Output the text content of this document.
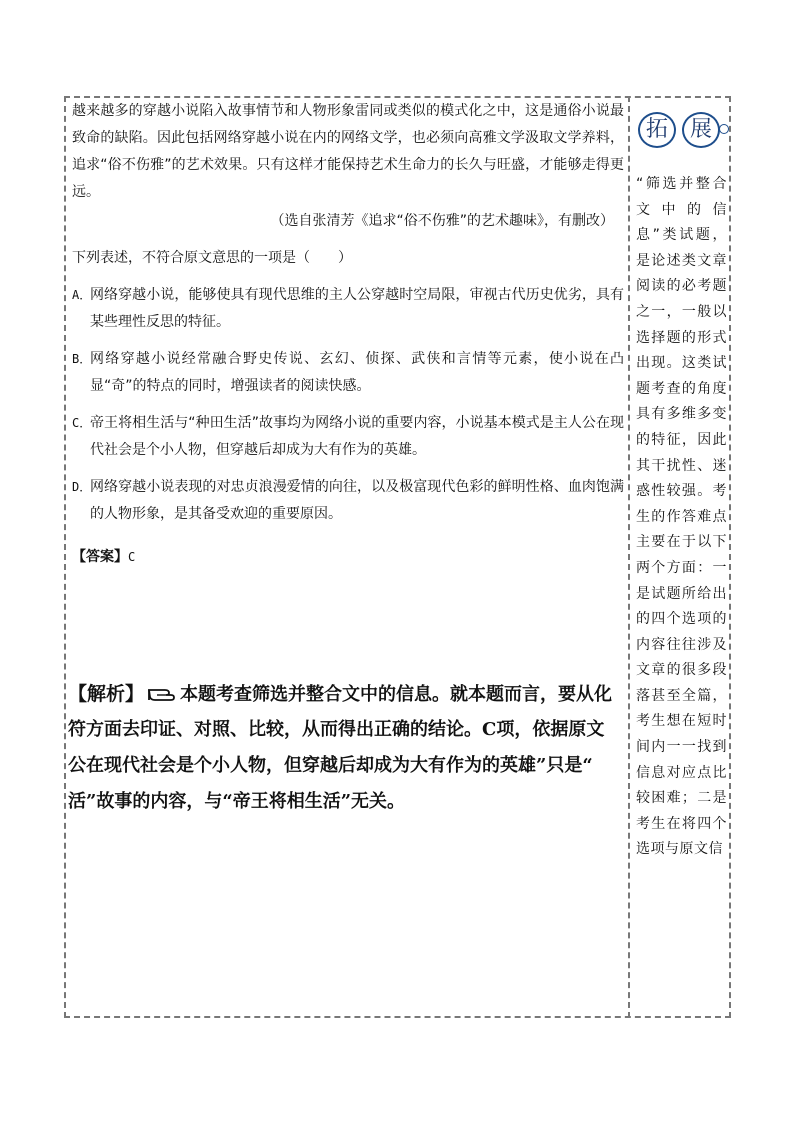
越来越多的穿越小说陷入故事情节和人物形象雷同或类似的模式化之中，这是通俗小说最致命的缺陷。因此包括网络穿越小说在内的网络文学，也必须向高雅文学汲取文学养料，追求“俗不伤雅”的艺术效果。只有这样才能保持艺术生命力的长久与旺盛，才能够走得更远。

（选自张清芳《追求“俗不伤雅”的艺术趣味》，有删改）

下列表述，不符合原文意思的一项是（　　）

A．
网络穿越小说，能够使具有现代思维的主人公穿越时空局限，审视古代历史优劣，具有某些理性反思的特征。

B．
网络穿越小说经常融合野史传说、玄幻、侦探、武侠和言情等元素，使小说在凸显“奇”的特点的同时，增强读者的阅读快感。

C．
帝王将相生活与“种田生活”故事均为网络小说的重要内容，小说基本模式是主人公在现代社会是个小人物，但穿越后却成为大有作为的英雄。

D．
网络穿越小说表现的对忠贞浪漫爱情的向往，以及极富现代色彩的鲜明性格、血肉饱满的人物形象，是其备受欢迎的重要原因。

【答案】C

【解析】 本题考查筛选并整合文中的信息。就本题而言，要从化
符方面去印证、对照、比较，从而得出正确的结论。C项，依据原文
公在现代社会是个小人物，但穿越后却成为大有作为的英雄”只是“
活”故事的内容，与“帝王将相生活”无关。
拓 展

“筛选并整合文中的信息”类试题，是论述类文章阅读的必考题之一，一般以选择题的形式出现。这类试题考查的角度具有多维多变的特征，因此其干扰性、迷惑性较强。考生的作答难点主要在于以下两个方面：一是试题所给出的四个选项的内容往往涉及文章的很多段落甚至全篇，考生想在短时间内一一找到信息对应点比较困难；二是考生在将四个选项与原文信
